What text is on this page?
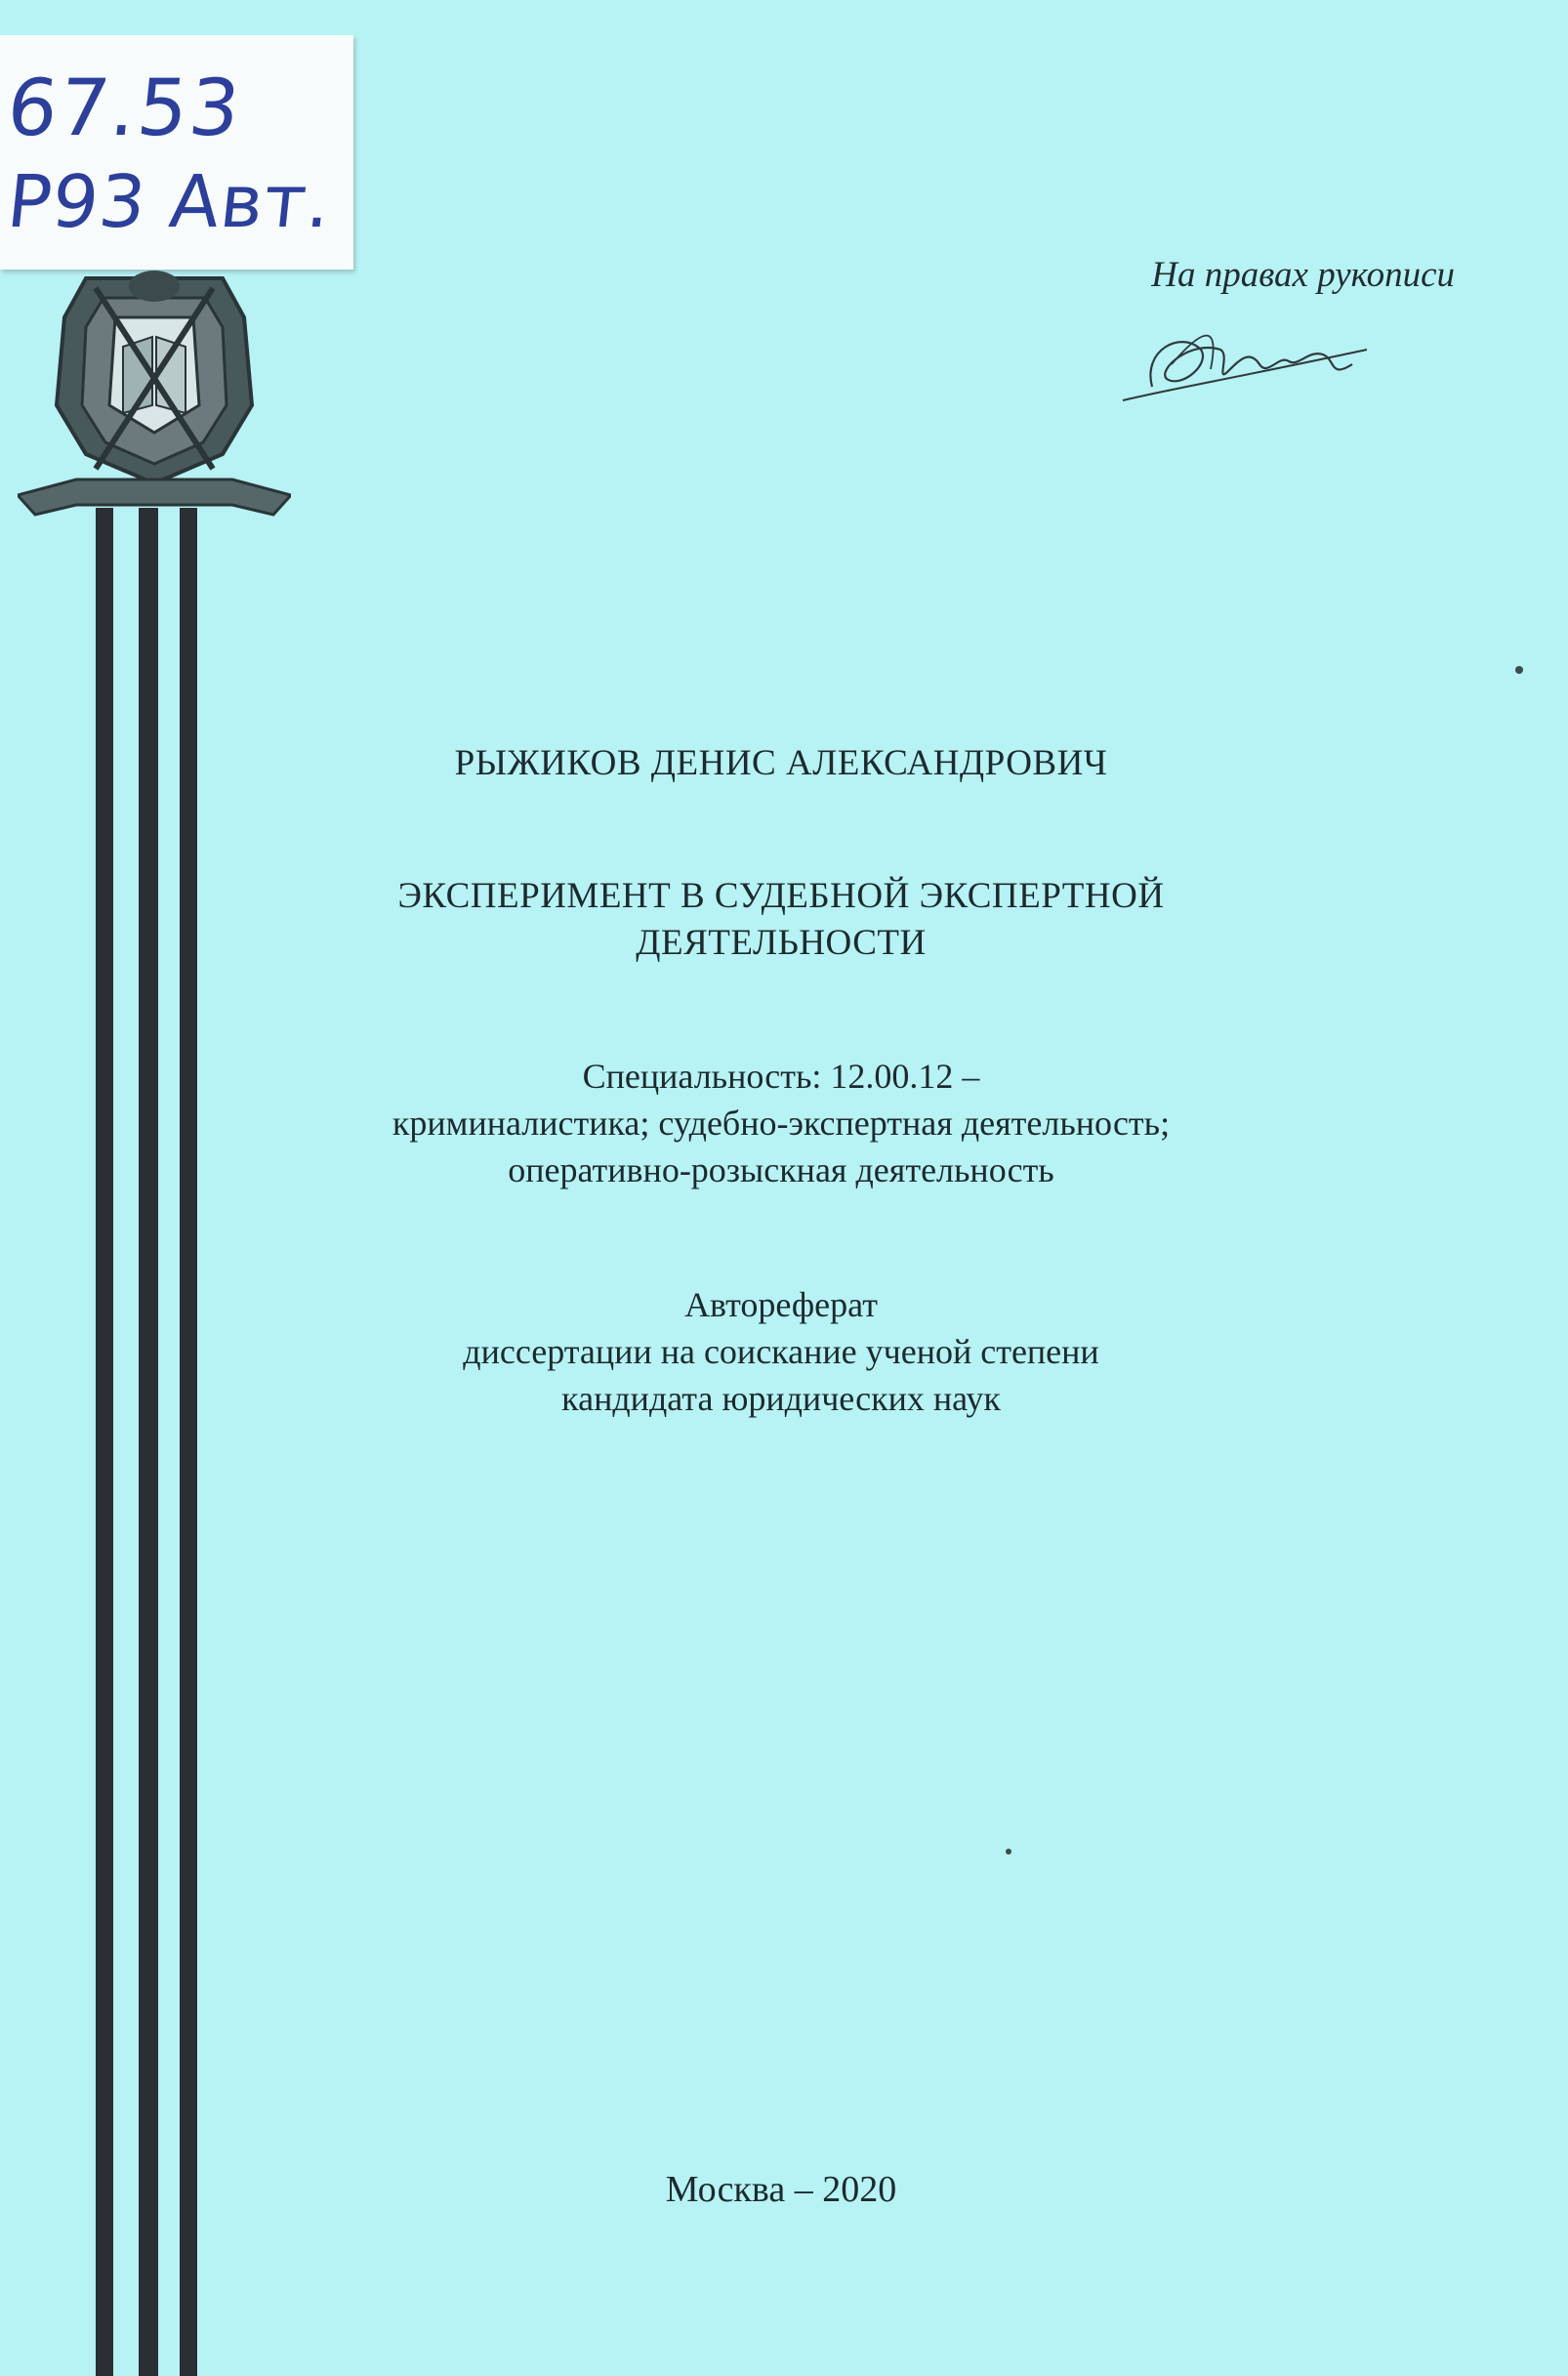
67.53
Р93 Авт.
На правах рукописи
РЫЖИКОВ ДЕНИС АЛЕКСАНДРОВИЧ
ЭКСПЕРИМЕНТ В СУДЕБНОЙ ЭКСПЕРТНОЙ ДЕЯТЕЛЬНОСТИ
Специальность: 12.00.12 –
криминалистика; судебно-экспертная деятельность;
оперативно-розыскная деятельность
Автореферат
диссертации на соискание ученой степени
кандидата юридических наук
Москва – 2020
